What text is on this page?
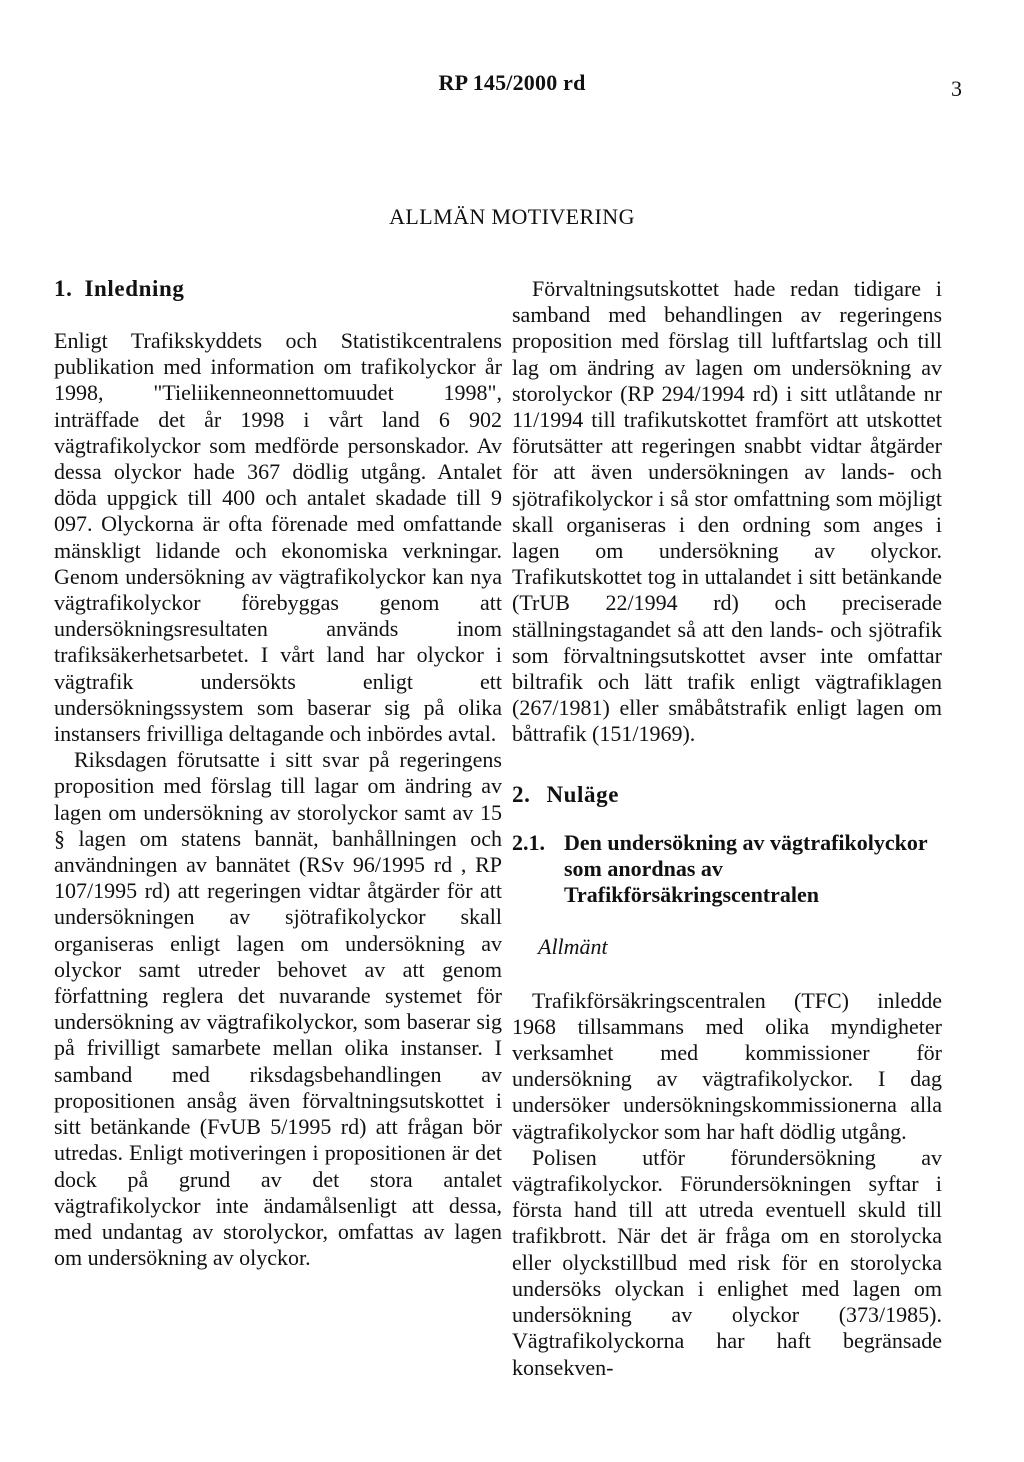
RP 145/2000 rd	3
ALLMÄN MOTIVERING
1. Inledning

Enligt Trafikskyddets och Statistikcentralens publikation med information om trafikolyckor år 1998, "Tieliikenneonnettomuudet 1998", inträffade det år 1998 i vårt land 6 902 vägtrafikolyckor som medförde personskador. Av dessa olyckor hade 367 dödlig utgång. Antalet döda uppgick till 400 och antalet skadade till 9 097. Olyckorna är ofta förenade med omfattande mänskligt lidande och ekonomiska verkningar. Genom undersökning av vägtrafikolyckor kan nya vägtrafikolyckor förebyggas genom att undersökningsresultaten används inom trafiksäkerhetsarbetet. I vårt land har olyckor i vägtrafik undersökts enligt ett undersökningssystem som baserar sig på olika instansers frivilliga deltagande och inbördes avtal.

Riksdagen förutsatte i sitt svar på regeringens proposition med förslag till lagar om ändring av lagen om undersökning av storolyckor samt av 15 § lagen om statens bannät, banhållningen och användningen av bannätet (RSv 96/1995 rd , RP 107/1995 rd) att regeringen vidtar åtgärder för att undersökningen av sjötrafikolyckor skall organiseras enligt lagen om undersökning av olyckor samt utreder behovet av att genom författning reglera det nuvarande systemet för undersökning av vägtrafikolyckor, som baserar sig på frivilligt samarbete mellan olika instanser. I samband med riksdagsbehandlingen av propositionen ansåg även förvaltningsutskottet i sitt betänkande (FvUB 5/1995 rd) att frågan bör utredas. Enligt motiveringen i propositionen är det dock på grund av det stora antalet vägtrafikolyckor inte ändamålsenligt att dessa, med undantag av storolyckor, omfattas av lagen om undersökning av olyckor.

Förvaltningsutskottet hade redan tidigare i samband med behandlingen av regeringens proposition med förslag till luftfartslag och till lag om ändring av lagen om undersökning av storolyckor (RP 294/1994 rd) i sitt utlåtande nr 11/1994 till trafikutskottet framfört att utskottet förutsätter att regeringen snabbt vidtar åtgärder för att även undersökningen av lands- och sjötrafikolyckor i så stor omfattning som möjligt skall organiseras i den ordning som anges i lagen om undersökning av olyckor. Trafikutskottet tog in uttalandet i sitt betänkande (TrUB 22/1994 rd) och preciserade ställningstagandet så att den lands- och sjötrafik som förvaltningsutskottet avser inte omfattar biltrafik och lätt trafik enligt vägtrafiklagen (267/1981) eller småbåtstrafik enligt lagen om båttrafik (151/1969).

2. Nuläge
2.1. Den undersökning av vägtrafikolyckor som anordnas av Trafikförsäkringscentralen
Allmänt

Trafikförsäkringscentralen (TFC) inledde 1968 tillsammans med olika myndigheter verksamhet med kommissioner för undersökning av vägtrafikolyckor. I dag undersöker undersökningskommissionerna alla vägtrafikolyckor som har haft dödlig utgång.

Polisen utför förundersökning av vägtrafikolyckor. Förundersökningen syftar i första hand till att utreda eventuell skuld till trafikbrott. När det är fråga om en storolycka eller olyckstillbud med risk för en storolycka undersöks olyckan i enlighet med lagen om undersökning av olyckor (373/1985). Vägtrafikolyckorna har haft begränsade konsekven-
